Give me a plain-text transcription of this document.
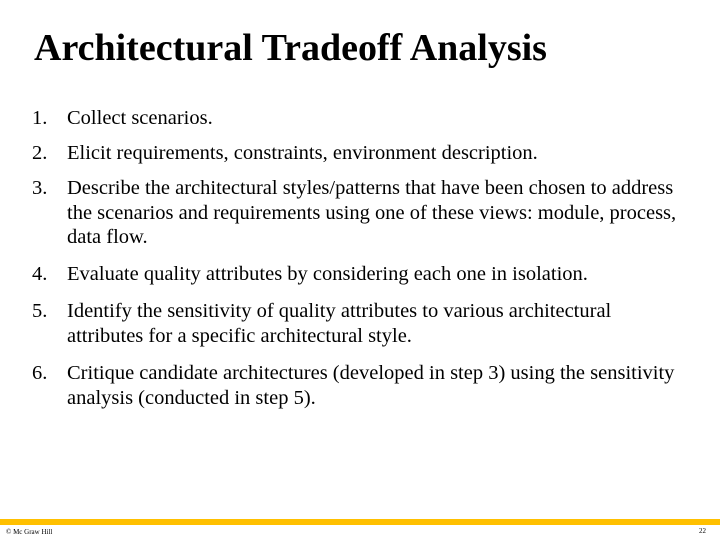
Architectural Tradeoff Analysis
1. Collect scenarios.
2. Elicit requirements, constraints, environment description.
3. Describe the architectural styles/patterns that have been chosen to address the scenarios and requirements using one of these views: module, process, data flow.
4. Evaluate quality attributes by considering each one in isolation.
5. Identify the sensitivity of quality attributes to various architectural attributes for a specific architectural style.
6. Critique candidate architectures (developed in step 3) using the sensitivity analysis (conducted in step 5).
© Mc Graw Hill	22
